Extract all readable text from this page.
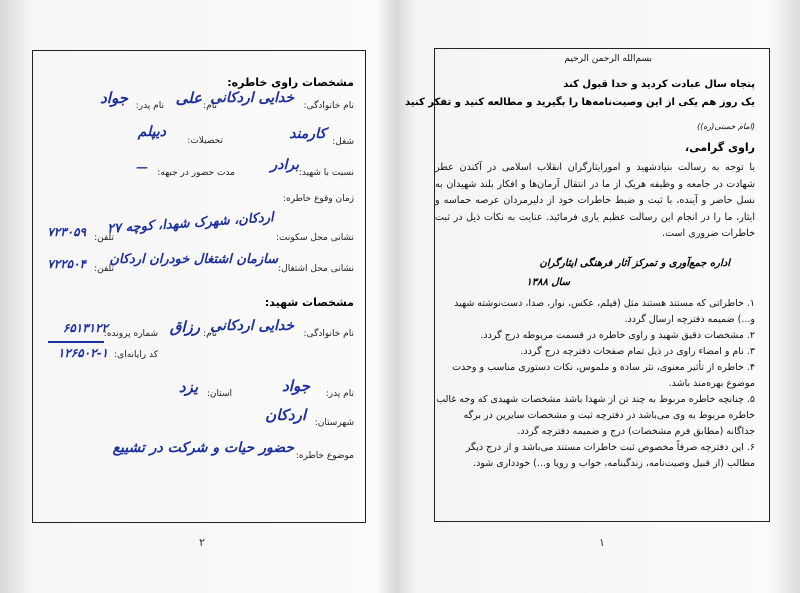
مشخصات راوی خاطره:
نام خانوادگی:
خدایی اردکانی
نام:
علی
نام پدر:
جواد
شغل:
کارمند
تحصیلات:
دیپلم
نسبت با شهید:
برادر
مدت حضور در جبهه:
—
زمان وقوع خاطره:
نشانی محل سکونت:
اردکان، شهرک شهدا، کوچه ۲۷
تلفن:
۷۲۳۰۵۹
نشانی محل اشتغال:
سازمان اشتغال خودران اردکان
تلفن:
۷۲۲۵۰۴
مشخصات شهید:
نام خانوادگی:
خدایی اردکانی
نام:
رزاق
شماره پرونده:
۶۵۱۳۱۲۲
کد رایانه‌ای:
۱۲۶۵۰۲-۱
نام پدر:
جواد
استان:
یزد
شهرستان:
اردکان
موضوع خاطره:
حضور حیات و شرکت در تشییع
۲
بسم‌الله الرحمن الرحیم
پنجاه سال عبادت کردید و خدا قبول کند
یک روز هم یکی از این وصیت‌نامه‌ها را بگیرید و مطالعه کنید و تفکر کنید
(امام خمینی(ره))
راوی گرامی،
با توجه به رسالت بنیادشهید و امورایثارگران انقلاب اسلامی در آکندن عطر شهادت در جامعه و وظیفه هریک از ما در انتقال آرمان‌ها و افکار بلند شهیدان به نسل حاضر و آینده، با ثبت و ضبط خاطرات خود از دلیرمردان عرصه حماسه و ایثار، ما را در انجام این رسالت عظیم یاری فرمائید. عنایت به نکات ذیل در ثبت خاطرات ضروری است.
اداره جمع‌آوری و تمرکز آثار فرهنگی ایثارگران
سال ۱۳۸۸
۱. خاطراتی که مستند هستند مثل (فیلم، عکس، نوار، صدا، دست‌نوشته شهید و...) ضمیمه دفترچه ارسال گردد.
۲. مشخصات دقیق شهید و راوی خاطره در قسمت مربوطه درج گردد.
۳. نام و امضاء راوی در ذیل تمام صفحات دفترچه درج گردد.
۴. خاطره از تأثیر معنوی، نثر ساده و ملموس، نکات دستوری مناسب و وحدت موضوع بهره‌مند باشد.
۵. چنانچه خاطره مربوط به چند تن از شهدا باشد مشخصات شهیدی که وجه غالب خاطره مربوط به وی می‌باشد در دفترچه ثبت و مشخصات سایرین در برگه جداگانه (مطابق فرم مشخصات) درج و ضمیمه دفترچه گردد.
۶. این دفترچه صرفاً مخصوص ثبت خاطرات مستند می‌باشد و از درج دیگر مطالب (از قبیل وصیت‌نامه، زندگینامه، خواب و رویا و...) خودداری شود.
۱
